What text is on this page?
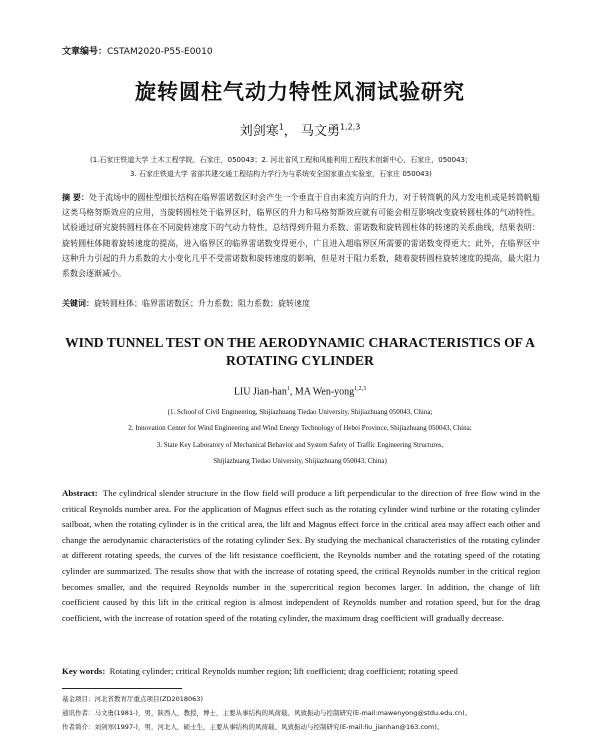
文章编号：CSTAM2020-P55-E0010
旋转圆柱气动力特性风洞试验研究
刘剑寒$^1$， 马文勇$^{1,2,3}$
(1.石家庄铁道大学 土木工程学院，石家庄，050043；2. 河北省风工程和风能利用工程技术创新中心，石家庄，050043；
3. 石家庄铁道大学 省部共建交通工程结构力学行为与系统安全国家重点实验室，石家庄 050043)
摘 要：处于流场中的圆柱型细长结构在临界雷诺数区时会产生一个垂直于自由来流方向的升力，对于转筒帆的风力发电机或是转筒帆船这类马格努斯效应的应用，当旋转圆柱处于临界区时，临界区的升力和马格努斯效应就有可能会相互影响改变旋转圆柱体的气动特性。试验通过研究旋转圆柱体在不同旋转速度下的气动力特性，总结得到升阻力系数、雷诺数和旋转圆柱体的转速的关系曲线，结果表明：旋转圆柱体随着旋转速度的提高，进入临界区的临界雷诺数变得更小，广且进入超临界区所需要的雷诺数变得更大；此外，在临界区中这种升力引起的升力系数的大小变化几乎不受雷诺数和旋转速度的影响，但是对于阻力系数，随着旋转圆柱旋转速度的提高，最大阻力系数会逐渐减小。
关键词：旋转圆柱体；临界雷诺数区；升力系数；阻力系数；旋转速度
WIND TUNNEL TEST ON THE AERODYNAMIC CHARACTERISTICS OF A ROTATING CYLINDER
LIU Jian-han$^1$, MA Wen-yong$^{1,2,3}$
(1. School of Civil Engineering, Shijiazhuang Tiedao University, Shijiazhuang 050043, China;
2. Innovation Center for Wind Engineering and Wind Energy Technology of Hebei Province, Shijiazhuang 050043, China;
3. State Key Laboratory of Mechanical Behavior and System Safety of Traffic Engineering Structures,
Shijiazhuang Tiedao University, Shijiazhuang 050043, China)
Abstract: The cylindrical slender structure in the flow field will produce a lift perpendicular to the direction of free flow wind in the critical Reynolds number area. For the application of Magnus effect such as the rotating cylinder wind turbine or the rotating cylinder sailboat, when the rotating cylinder is in the critical area, the lift and Magnus effect force in the critical area may affect each other and change the aerodynamic characteristics of the rotating cylinder Sex. By studying the mechanical characteristics of the rotating cylinder at different rotating speeds, the curves of the lift resistance coefficient, the Reynolds number and the rotating speed of the rotating cylinder are summarized. The results show that with the increase of rotating speed, the critical Reynolds number in the critical region becomes smaller, and the required Reynolds number in the supercritical region becomes larger. In addition, the change of lift coefficient caused by this lift in the critical region is almost independent of Reynolds number and rotation speed, but for the drag coefficient, with the increase of rotation speed of the rotating cylinder, the maximum drag coefficient will gradually decrease.
Key words: Rotating cylinder; critical Reynolds number region; lift coefficient; drag coefficient; rotating speed
基金项目：河北省教育厅重点项目(ZD2018063)
通讯作者：马文勇(1981-)，男，陕西人，教授，博士，主要从事结构的风荷载、风致振动与控制研究(E-mail:mawenyong@stdu.edu.cn)。
作者简介：刘剑寒(1997-)，男，河北人，硕士生，主要从事结构的风荷载、风致振动与控制研究(E-mail:liu_jianhan@163.com)。
